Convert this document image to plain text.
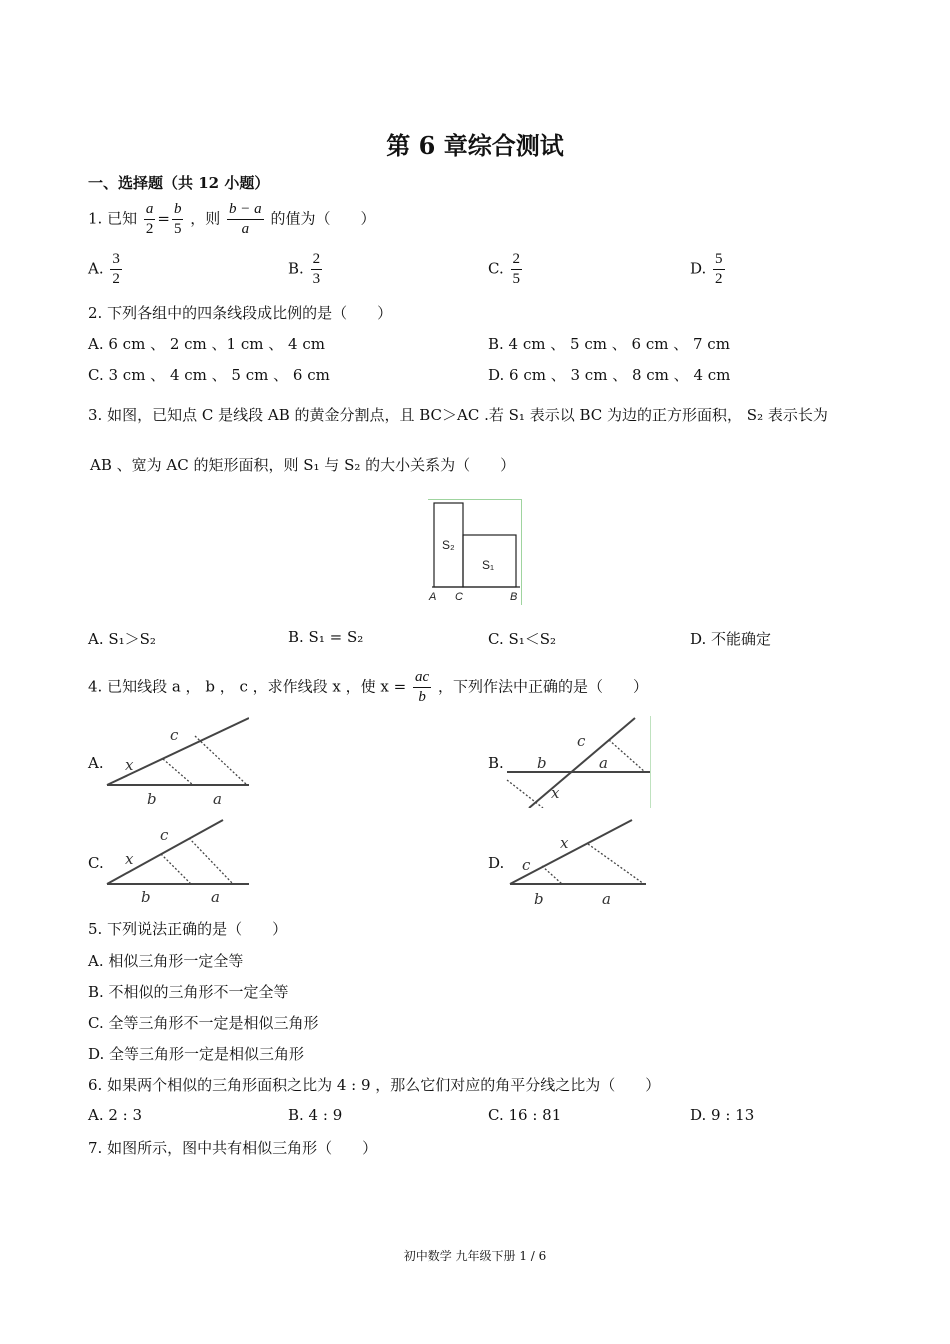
第 6 章综合测试
一、选择题（共 12 小题）
1. 已知 $\frac{a}{2} = \frac{b}{5}$ ，则 $\frac{b - a}{a}$ 的值为（　　）
A. $\frac{3}{2}$	B. $\frac{2}{3}$	C. $\frac{2}{5}$	D. $\frac{5}{2}$
2. 下列各组中的四条线段成比例的是（　　）
A. 6 cm 、 2 cm 、1 cm 、 4 cm	B. 4 cm 、 5 cm 、 6 cm 、 7 cm
C. 3 cm 、 4 cm 、 5 cm 、 6 cm	D. 6 cm 、 3 cm 、 8 cm 、 4 cm
3. 如图，已知点 C 是线段 AB 的黄金分割点，且 BC＞AC .若 S₁ 表示以 BC 为边的正方形面积， S₂ 表示长为
AB 、宽为 AC 的矩形面积，则 S₁ 与 S₂ 的大小关系为（　　）
S₂
S₁
A C	B
A. S₁＞S₂	B. S₁ = S₂	C. S₁＜S₂	D. 不能确定
4. 已知线段 a ， b ， c ，求作线段 x ，使 $x = \frac{ac}{b}$ ，下列作法中正确的是（　　）
A. x
c
b	a
B. b
c
a
x
C. x
c
b	a
D. c
x
b	a
5. 下列说法正确的是（　　）
A. 相似三角形一定全等
B. 不相似的三角形不一定全等
C. 全等三角形不一定是相似三角形
D. 全等三角形一定是相似三角形
6. 如果两个相似的三角形面积之比为 4 : 9 ，那么它们对应的角平分线之比为（　　）
A. 2 : 3	B. 4 : 9	C. 16 : 81	D. 9 : 13
7. 如图所示，图中共有相似三角形（　　）
初中数学 九年级下册 1 / 6
